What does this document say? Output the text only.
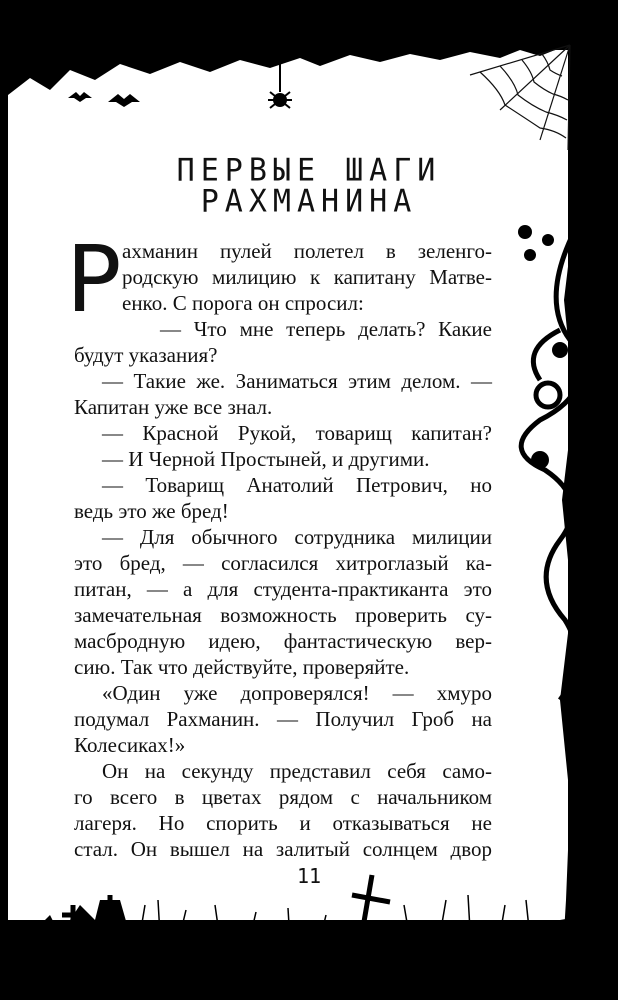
ПЕРВЫЕ ШАГИ
РАХМАНИНА
Р ахманин пулей полетел в зеленго-
родскую милицию к капитану Матве-
енко. С порога он спросил:
— Что мне теперь делать? Какие
будут указания?
— Такие же. Заниматься этим делом. —
Капитан уже все знал.
— Красной Рукой, товарищ капитан?
— И Черной Простыней, и другими.
— Товарищ Анатолий Петрович, но
ведь это же бред!
— Для обычного сотрудника милиции
это бред, — согласился хитроглазый ка-
питан, — а для студента-практиканта это
замечательная возможность проверить су-
масбродную идею, фантастическую вер-
сию. Так что действуйте, проверяйте.
«Один уже допроверялся! — хмуро
подумал Рахманин. — Получил Гроб на
Колесиках!»
Он на секунду представил себя само-
го всего в цветах рядом с начальником
лагеря. Но спорить и отказываться не
стал. Он вышел на залитый солнцем двор
11
